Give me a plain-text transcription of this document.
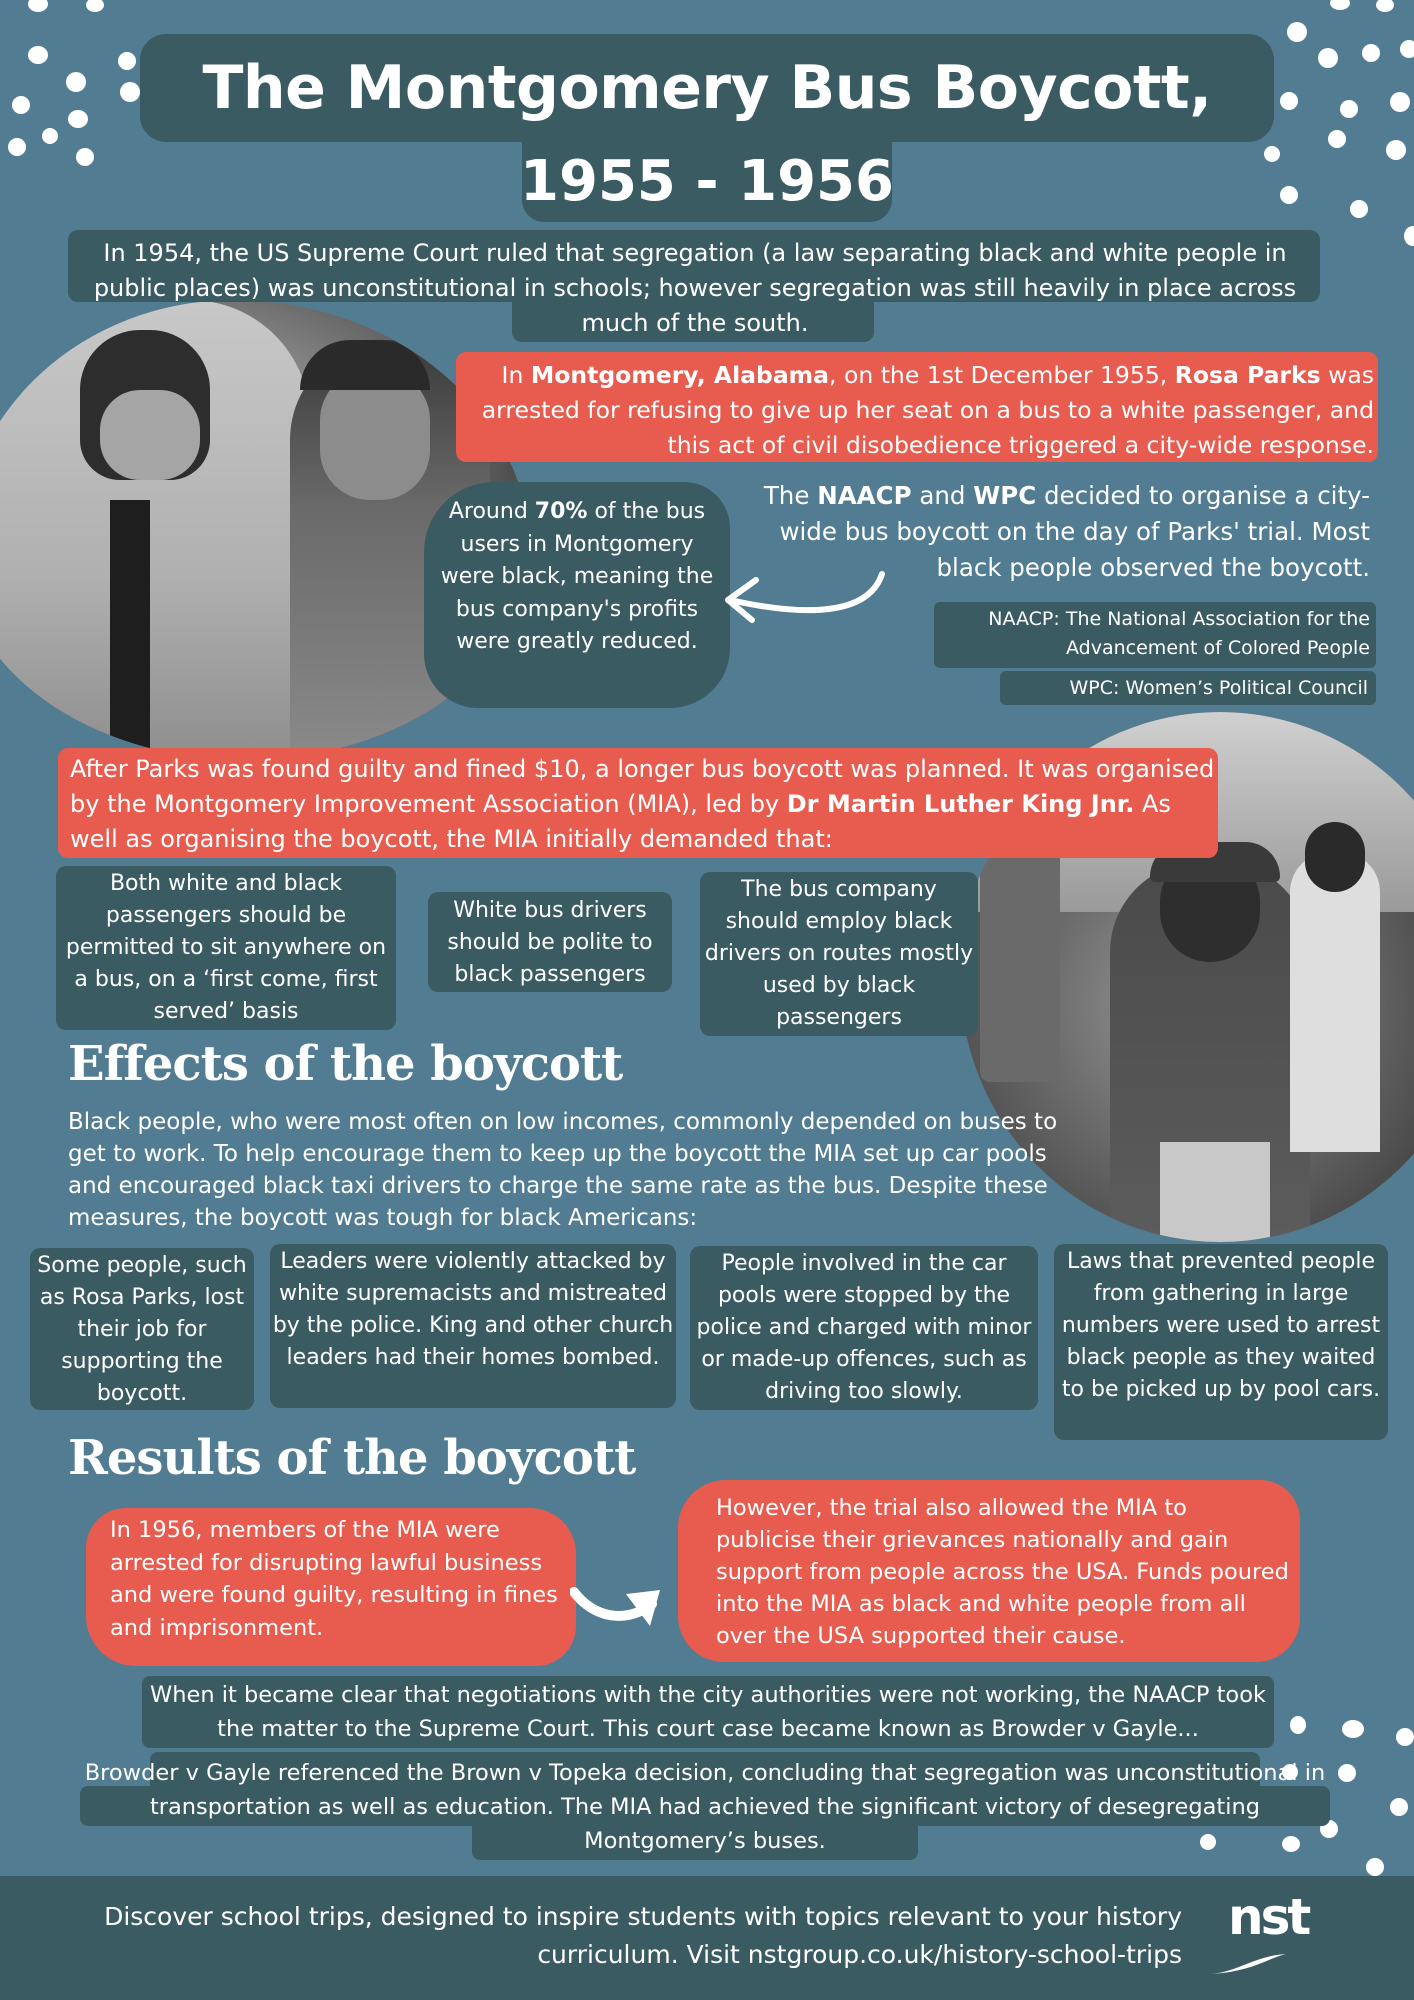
The Montgomery Bus Boycott,
1955 - 1956

In 1954, the US Supreme Court ruled that segregation (a law separating black and white people in public places) was unconstitutional in schools; however segregation was still heavily in place across much of the south.

In Montgomery, Alabama, on the 1st December 1955, Rosa Parks was arrested for refusing to give up her seat on a bus to a white passenger, and this act of civil disobedience triggered a city-wide response.

The NAACP and WPC decided to organise a city-wide bus boycott on the day of Parks' trial. Most black people observed the boycott.

Around 70% of the bus users in Montgomery were black, meaning the bus company's profits were greatly reduced.

NAACP: The National Association for the Advancement of Colored People

WPC: Women’s Political Council

After Parks was found guilty and fined $10, a longer bus boycott was planned. It was organised by the Montgomery Improvement Association (MIA), led by Dr Martin Luther King Jnr. As well as organising the boycott, the MIA initially demanded that:

Both white and black passengers should be permitted to sit anywhere on a bus, on a ‘first come, first served’ basis

White bus drivers should be polite to black passengers

The bus company should employ black drivers on routes mostly used by black passengers

Effects of the boycott

Black people, who were most often on low incomes, commonly depended on buses to get to work. To help encourage them to keep up the boycott the MIA set up car pools and encouraged black taxi drivers to charge the same rate as the bus. Despite these measures, the boycott was tough for black Americans:

Some people, such as Rosa Parks, lost their job for supporting the boycott.

Leaders were violently attacked by white supremacists and mistreated by the police. King and other church leaders had their homes bombed.

People involved in the car pools were stopped by the police and charged with minor or made-up offences, such as driving too slowly.

Laws that prevented people from gathering in large numbers were used to arrest black people as they waited to be picked up by pool cars.

Results of the boycott

In 1956, members of the MIA were arrested for disrupting lawful business and were found guilty, resulting in fines and imprisonment.

However, the trial also allowed the MIA to publicise their grievances nationally and gain support from people across the USA. Funds poured into the MIA as black and white people from all over the USA supported their cause.

When it became clear that negotiations with the city authorities were not working, the NAACP took the matter to the Supreme Court. This court case became known as Browder v Gayle...

Browder v Gayle referenced the Brown v Topeka decision, concluding that segregation was unconstitutional in transportation as well as education. The MIA had achieved the significant victory of desegregating Montgomery’s buses.

Discover school trips, designed to inspire students with topics relevant to your history curriculum. Visit nstgroup.co.uk/history-school-trips

nst
